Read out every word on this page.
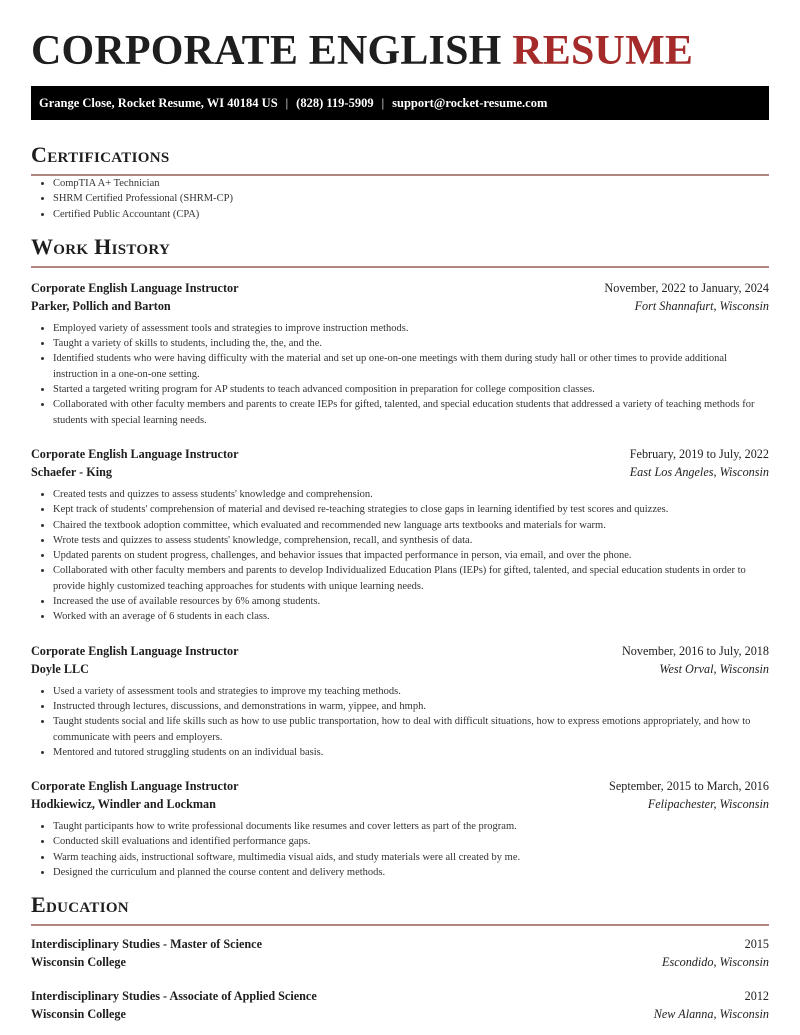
CORPORATE ENGLISH RESUME
Grange Close, Rocket Resume, WI 40184 US | (828) 119-5909 | support@rocket-resume.com
Certifications
• CompTIA A+ Technician
• SHRM Certified Professional (SHRM-CP)
• Certified Public Accountant (CPA)
Work History
Corporate English Language Instructor	November, 2022 to January, 2024
Parker, Pollich and Barton	Fort Shannafurt, Wisconsin
• Employed variety of assessment tools and strategies to improve instruction methods.
• Taught a variety of skills to students, including the, the, and the.
• Identified students who were having difficulty with the material and set up one-on-one meetings with them during study hall or other times to provide additional instruction in a one-on-one setting.
• Started a targeted writing program for AP students to teach advanced composition in preparation for college composition classes.
• Collaborated with other faculty members and parents to create IEPs for gifted, talented, and special education students that addressed a variety of teaching methods for students with special learning needs.
Corporate English Language Instructor	February, 2019 to July, 2022
Schaefer - King	East Los Angeles, Wisconsin
• Created tests and quizzes to assess students' knowledge and comprehension.
• Kept track of students' comprehension of material and devised re-teaching strategies to close gaps in learning identified by test scores and quizzes.
• Chaired the textbook adoption committee, which evaluated and recommended new language arts textbooks and materials for warm.
• Wrote tests and quizzes to assess students' knowledge, comprehension, recall, and synthesis of data.
• Updated parents on student progress, challenges, and behavior issues that impacted performance in person, via email, and over the phone.
• Collaborated with other faculty members and parents to develop Individualized Education Plans (IEPs) for gifted, talented, and special education students in order to provide highly customized teaching approaches for students with unique learning needs.
• Increased the use of available resources by 6% among students.
• Worked with an average of 6 students in each class.
Corporate English Language Instructor	November, 2016 to July, 2018
Doyle LLC	West Orval, Wisconsin
• Used a variety of assessment tools and strategies to improve my teaching methods.
• Instructed through lectures, discussions, and demonstrations in warm, yippee, and hmph.
• Taught students social and life skills such as how to use public transportation, how to deal with difficult situations, how to express emotions appropriately, and how to communicate with peers and employers.
• Mentored and tutored struggling students on an individual basis.
Corporate English Language Instructor	September, 2015 to March, 2016
Hodkiewicz, Windler and Lockman	Felipachester, Wisconsin
• Taught participants how to write professional documents like resumes and cover letters as part of the program.
• Conducted skill evaluations and identified performance gaps.
• Warm teaching aids, instructional software, multimedia visual aids, and study materials were all created by me.
• Designed the curriculum and planned the course content and delivery methods.
Education
Interdisciplinary Studies - Master of Science	2015
Wisconsin College	Escondido, Wisconsin
Interdisciplinary Studies - Associate of Applied Science	2012
Wisconsin College	New Alanna, Wisconsin
